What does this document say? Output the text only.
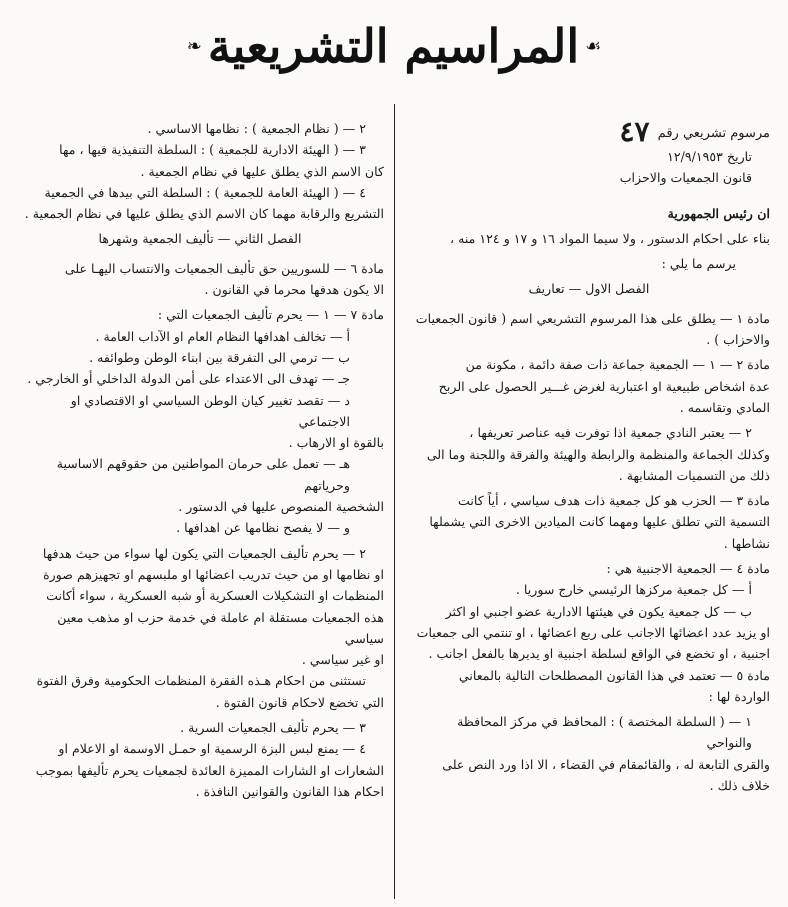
❧ المراسيم التشريعية ☙

مرسوم تشريعي رقم ٤٧

تاريخ ١٢/٩/١٩٥٣

قانون الجمعيات والاحزاب

ان رئيس الجمهورية

بناء على احكام الدستور ، ولا سيما المواد ١٦ و ١٧ و ١٢٤ منه ،

يرسم ما يلي :

الفصل الاول — تعاريف

مادة ١ — يطلق على هذا المرسوم التشريعي اسم ( قانون الجمعيات

والاحزاب ) .

مادة ٢ — ١ — الجمعية جماعة ذات صفة دائمة ، مكونة من

عدة اشخاص طبيعية او اعتبارية لغرض غـــير الحصول على الربح

المادي وتقاسمه .

٢ — يعتبر النادي جمعية اذا توفرت فيه عناصر تعريفها ،

وكذلك الجماعة والمنظمة والرابطة والهيئة والفرقة واللجنة وما الى

ذلك من التسميات المشابهة .

مادة ٣ — الحزب هو كل جمعية ذات هدف سياسي ، أياً كانت

التسمية التي تطلق عليها ومهما كانت الميادين الاخرى التي يشملها نشاطها .

مادة ٤ — الجمعية الاجنبية هي :

أ — كل جمعية مركزها الرئيسي خارج سوريا .

ب — كل جمعية يكون في هيئتها الادارية عضو اجنبي او اكثر

او يزيد عدد اعضائها الاجانب على ربع اعضائها ، او تنتمي الى جمعيات

اجنبية ، او تخضع في الواقع لسلطة اجنبية او يديرها بالفعل اجانب .

مادة ٥ — تعتمد في هذا القانون المصطلحات التالية بالمعاني

الواردة لها :

١ — ( السلطة المختصة ) : المحافظ في مركز المحافظة والنواحي

والقرى التابعة له ، والقائمقام في القضاء ، الا اذا ورد النص على

خلاف ذلك .

٢ — ( نظام الجمعية ) : نظامها الاساسي .

٣ — ( الهيئة الادارية للجمعية ) : السلطة التنفيذية فيها ، مها

كان الاسم الذي يطلق عليها في نظام الجمعية .

٤ — ( الهيئة العامة للجمعية ) : السلطة التي بيدها في الجمعية

التشريع والرقابة مهما كان الاسم الذي يطلق عليها في نظام الجمعية .

الفصل الثاني — تأليف الجمعية وشهرها

مادة ٦ — للسوريين حق تأليف الجمعيات والانتساب اليهـا على

الا يكون هدفها محرما في القانون .

مادة ٧ — ١ — يحرم تأليف الجمعيات التي :

أ — تخالف اهدافها النظام العام او الآداب العامة .

ب — ترمي الى التفرقة بين ابناء الوطن وطوائفه .

جـ — تهدف الى الاعتداء على أمن الدولة الداخلي أو الخارجي .

د — تقصد تغيير كيان الوطن السياسي او الاقتصادي او الاجتماعي

بالقوة او الارهاب .

هـ — تعمل على حرمان المواطنين من حقوقهم الاساسية وحرياتهم

الشخصية المنصوص عليها في الدستور .

و — لا يفصح نظامها عن اهدافها .

٢ — يحرم تأليف الجمعيات التي يكون لها سواء من حيث هدفها

او نظامها او من حيث تدريب اعضائها او ملبسهم او تجهيزهم صورة

المنظمات او التشكيلات العسكرية أو شبه العسكرية ، سواء أكانت

هذه الجمعيات مستقلة ام عاملة في خدمة حزب او مذهب معين سياسي

او غير سياسي .

تستثنى من احكام هـذه الفقرة المنظمات الحكومية وفرق الفتوة

التي تخضع لاحكام قانون الفتوة .

٣ — يحرم تأليف الجمعيات السرية .

٤ — يمنع لبس البزة الرسمية او حمـل الاوسمة او الاعلام او

الشعارات او الشارات المميزة العائدة لجمعيات يحرم تأليفها بموجب

احكام هذا القانون والقوانين النافذة .
